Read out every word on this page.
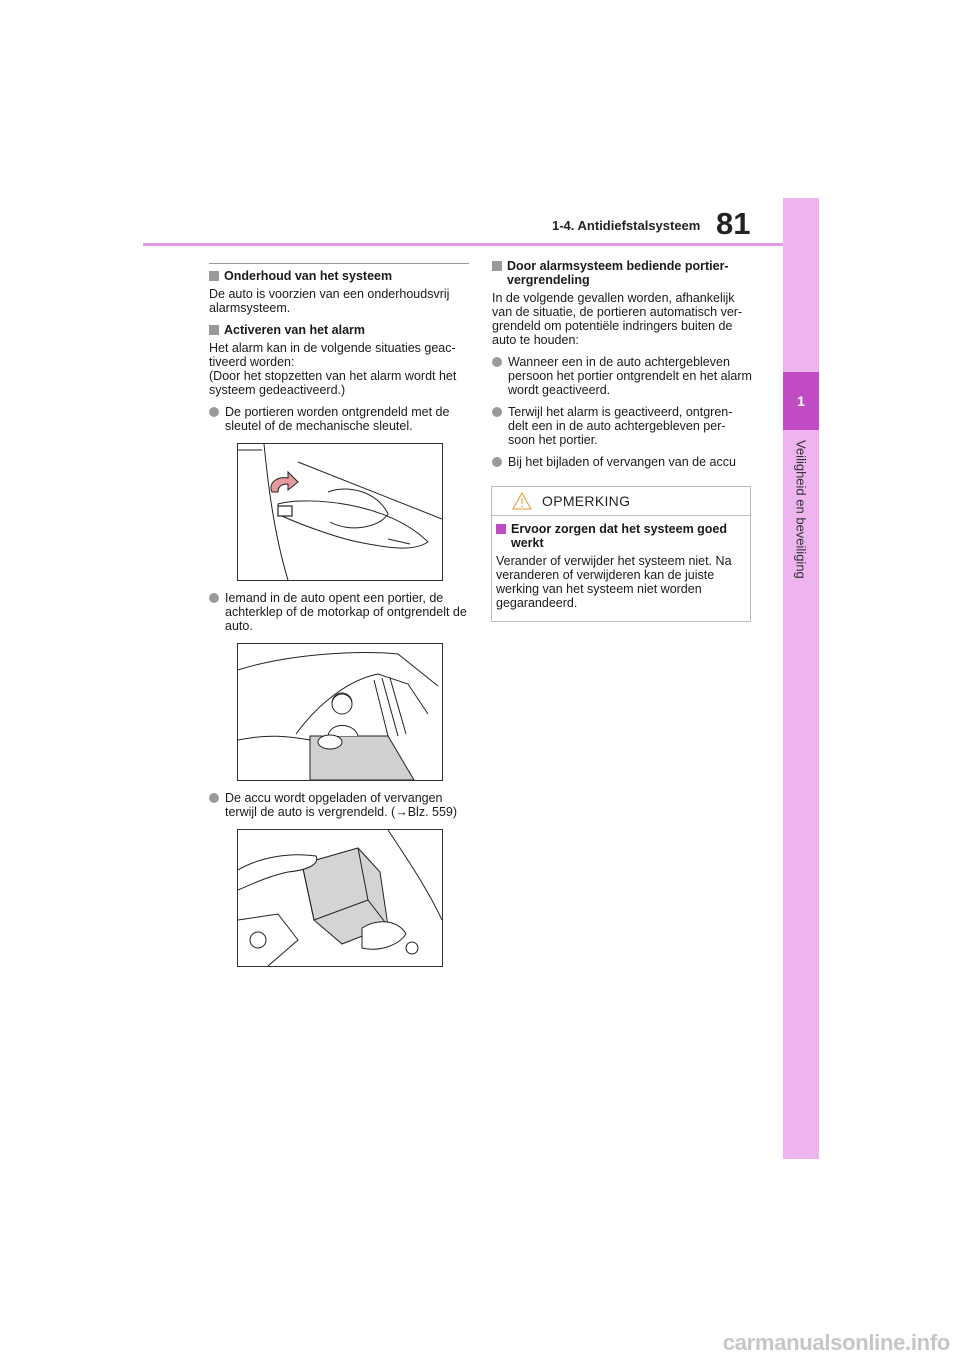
1-4. Antidiefstalsysteem 81
1
Veiligheid en beveiliging
Onderhoud van het systeem

De auto is voorzien van een onderhoudsvrij alarmsysteem.

Activeren van het alarm

Het alarm kan in de volgende situaties geac-tiveerd worden:
(Door het stopzetten van het alarm wordt het systeem gedeactiveerd.)

De portieren worden ontgrendeld met de sleutel of de mechanische sleutel.
Iemand in de auto opent een portier, de achterklep of de motorkap of ontgrendelt de auto.
De accu wordt opgeladen of vervangen terwijl de auto is vergrendeld. (→Blz. 559)
Door alarmsysteem bediende portier-vergrendeling

In de volgende gevallen worden, afhankelijk van de situatie, de portieren automatisch ver-grendeld om potentiële indringers buiten de auto te houden:

Wanneer een in de auto achtergebleven persoon het portier ontgrendelt en het alarm wordt geactiveerd.
Terwijl het alarm is geactiveerd, ontgren-delt een in de auto achtergebleven per-soon het portier.
Bij het bijladen of vervangen van de accu
OPMERKING
Ervoor zorgen dat het systeem goed werkt

Verander of verwijder het systeem niet. Na veranderen of verwijderen kan de juiste werking van het systeem niet worden gegarandeerd.

carmanualsonline.info
